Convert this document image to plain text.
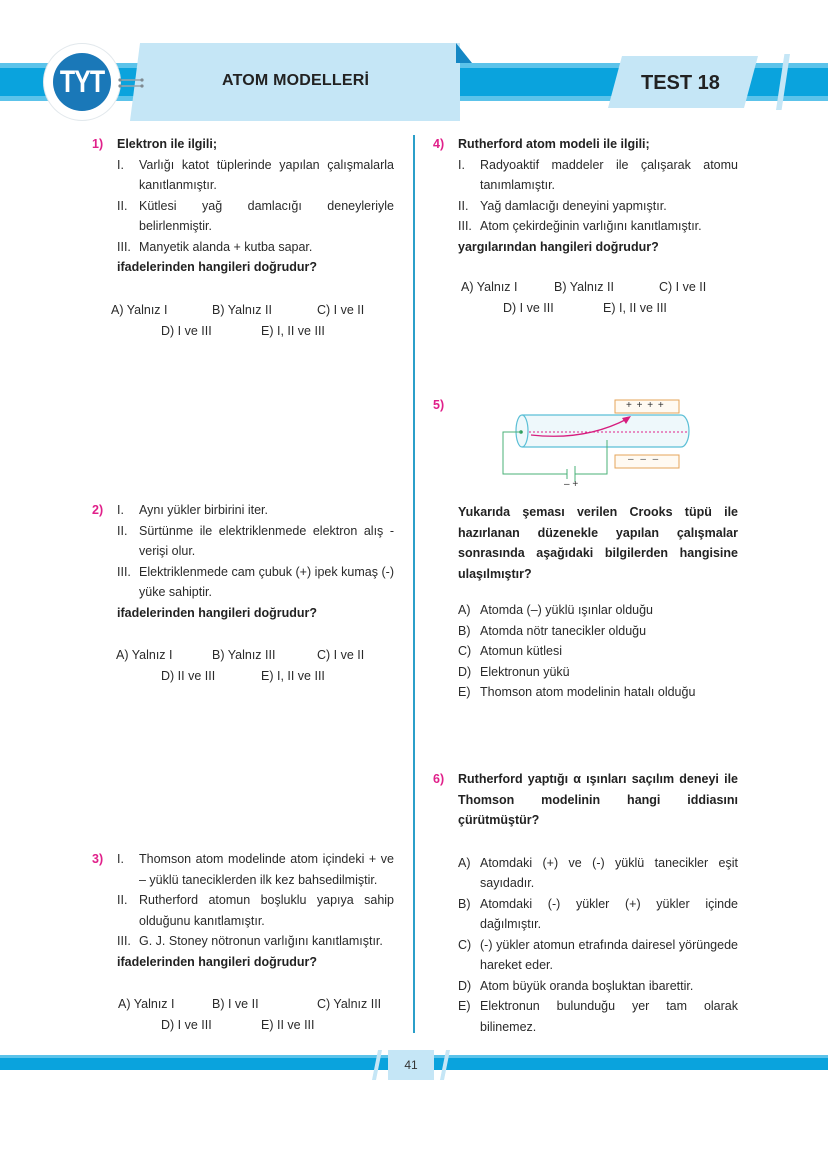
ATOM MODELLERİ
TYT	TEST 18
1) Elektron ile ilgili;
I.	Varlığı katot tüplerinde yapılan çalışmalarla kanıtlanmıştır.
II. Kütlesi yağ damlacığı deneyleriyle belirlenmiştir.
III. Manyetik alanda + kutba sapar.
ifadelerinden hangileri doğrudur?
A) Yalnız I	B) Yalnız II	C) I ve II
D) I ve III	E) I, II ve III
2) I.	Aynı yükler birbirini iter.
II. Sürtünme ile elektriklenmede elektron alış - verişi olur.
III. Elektriklenmede cam çubuk (+) ipek kumaş (-) yüke sahiptir.
ifadelerinden hangileri doğrudur?
A) Yalnız I	B) Yalnız III	C) I ve II
D) II ve III	E) I, II ve III
3) I.	Thomson atom modelinde atom içindeki + ve – yüklü taneciklerden ilk kez bahsedilmiştir.
II. Rutherford atomun boşluklu yapıya sahip olduğunu kanıtlamıştır.
III. G. J. Stoney nötronun varlığını kanıtlamıştır.
ifadelerinden hangileri doğrudur?
A) Yalnız I	B) I ve II	C) Yalnız III
D) I ve III	E) II ve III
4) Rutherford atom modeli ile ilgili;
I.	Radyoaktif maddeler ile çalışarak atomu tanımlamıştır.
II. Yağ damlacığı deneyini yapmıştır.
III. Atom çekirdeğinin varlığını kanıtlamıştır.
yargılarından hangileri doğrudur?
A) Yalnız I	B) Yalnız II	C) I ve II
D) I ve III	E) I, II ve III
5)	+ + + +
– – –
– +
Yukarıda şeması verilen Crooks tüpü ile hazırlanan düzenekle yapılan çalışmalar sonrasında aşağıdaki bilgilerden hangisine ulaşılmıştır?
A) Atomda (–) yüklü ışınlar olduğu
B) Atomda nötr tanecikler olduğu
C) Atomun kütlesi
D) Elektronun yükü
E) Thomson atom modelinin hatalı olduğu
6) Rutherford yaptığı α ışınları saçılım deneyi ile Thomson modelinin hangi iddiasını çürütmüştür?
A) Atomdaki (+) ve (-) yüklü tanecikler eşit sayıdadır.
B) Atomdaki (-) yükler (+) yükler içinde dağılmıştır.
C) (-) yükler atomun etrafında dairesel yörüngede hareket eder.
D) Atom büyük oranda boşluktan ibarettir.
E) Elektronun bulunduğu yer tam olarak bilinemez.
41
